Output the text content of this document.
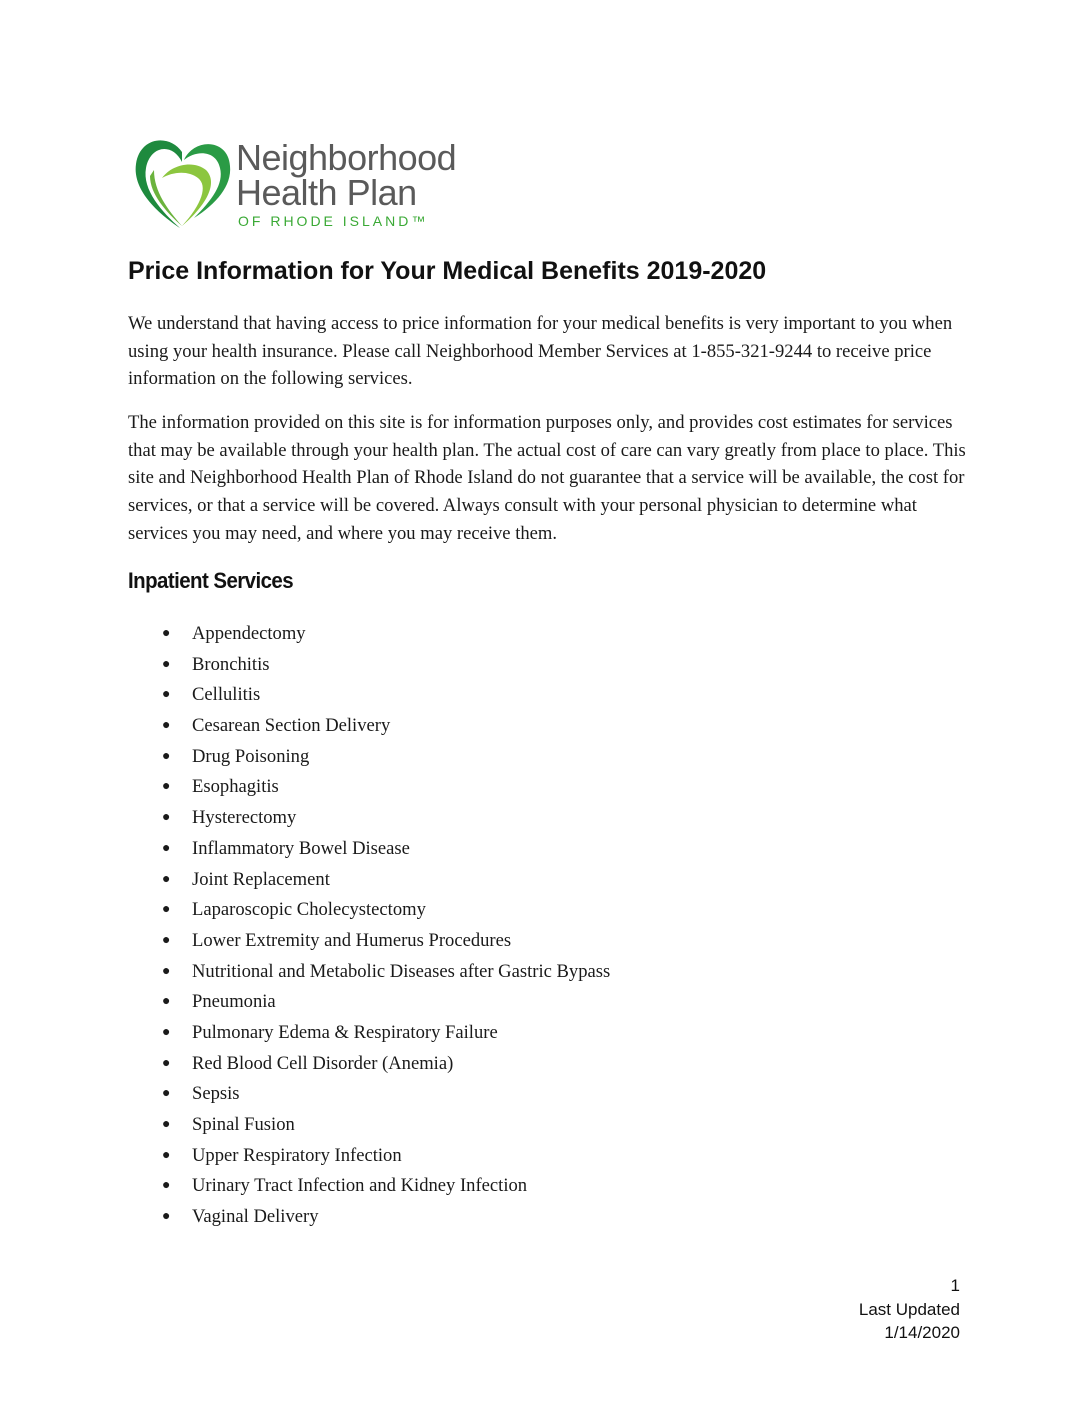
Neighborhood
Health Plan
OF RHODE ISLAND™
Price Information for Your Medical Benefits 2019-2020

We understand that having access to price information for your medical benefits is very important to you when using your health insurance. Please call Neighborhood Member Services at 1-855-321-9244 to receive price information on the following services.

The information provided on this site is for information purposes only, and provides cost estimates for services that may be available through your health plan. The actual cost of care can vary greatly from place to place. This site and Neighborhood Health Plan of Rhode Island do not guarantee that a service will be available, the cost for services, or that a service will be covered. Always consult with your personal physician to determine what services you may need, and where you may receive them.

Inpatient Services
● Appendectomy
● Bronchitis
● Cellulitis
● Cesarean Section Delivery
● Drug Poisoning
● Esophagitis
● Hysterectomy
● Inflammatory Bowel Disease
● Joint Replacement
● Laparoscopic Cholecystectomy
● Lower Extremity and Humerus Procedures
● Nutritional and Metabolic Diseases after Gastric Bypass
● Pneumonia
● Pulmonary Edema & Respiratory Failure
● Red Blood Cell Disorder (Anemia)
● Sepsis
● Spinal Fusion
● Upper Respiratory Infection
● Urinary Tract Infection and Kidney Infection
● Vaginal Delivery
1
Last Updated
1/14/2020
